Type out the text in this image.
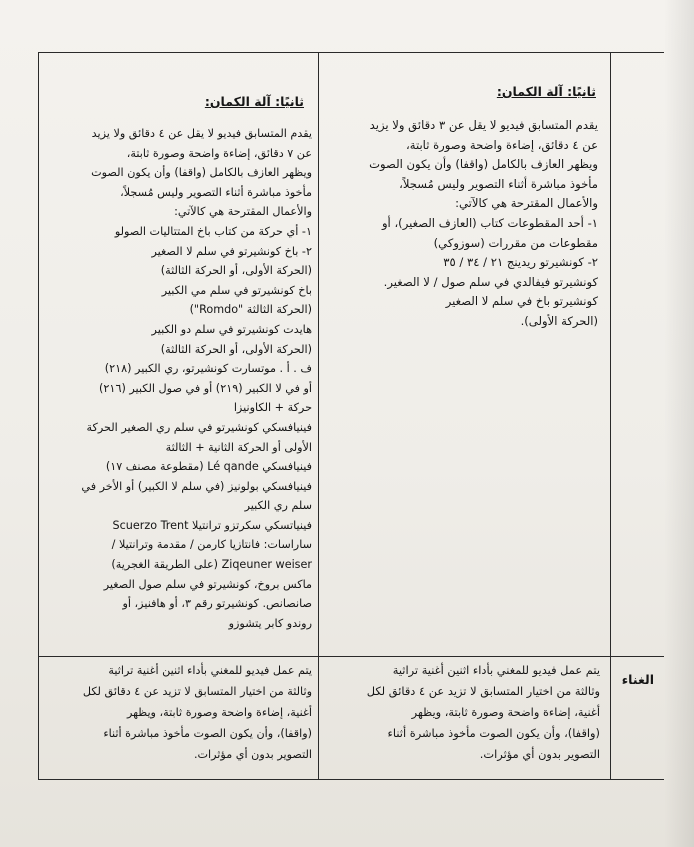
ثانيًا: آلة الكمان:
يقدم المتسابق فيديو لا يقل عن ٣ دقائق ولا يزيد
عن ٤ دقائق، إضاءة واضحة وصورة ثابتة،
ويظهر العازف بالكامل (واقفا) وأن يكون الصوت
مأخوذ مباشرة أثناء التصوير وليس مُسجلاً،
والأعمال المقترحة هي كالآتي:
١- أحد المقطوعات كتاب (العازف الصغير)، أو
مقطوعات من مقررات (سوزوكي)
٢- كونشيرتو ريدينج ٢١ / ٣٤ / ٣٥
كونشيرتو فيفالدي في سلم صول / لا الصغير.
كونشيرتو باخ في سلم لا الصغير
(الحركة الأولى).
ثانيًا: آلة الكمان:
يقدم المتسابق فيديو لا يقل عن ٤ دقائق ولا يزيد
عن ٧ دقائق، إضاءة واضحة وصورة ثابتة،
ويظهر العازف بالكامل (واقفا) وأن يكون الصوت
مأخوذ مباشرة أثناء التصوير وليس مُسجلاً،
والأعمال المقترحة هي كالآتي:
١- أي حركة من كتاب باخ المتتاليات الصولو
٢- باخ كونشيرتو في سلم لا الصغير
(الحركة الأولى، أو الحركة الثالثة)
باخ كونشيرتو في سلم مي الكبير
(الحركة الثالثة "Romdo")
هايدت كونشيرتو في سلم دو الكبير
(الحركة الأولى، أو الحركة الثالثة)
ف . أ . موتسارت كونشيرتو، ري الكبير (٢١٨)
أو في لا الكبير (٢١٩) أو في صول الكبير (٢١٦)
حركة + الكاونيزا
فينيافسكي كونشيرتو في سلم ري الصغير الحركة
الأولى أو الحركة الثانية + الثالثة
فينيافسكي Lé qande (مقطوعة مصنف ١٧)
فينيافسكي بولونيز (في سلم لا الكبير) أو الأخر في
سلم ري الكبير
فينياتسكي سكرتزو ترانتيلا Scuerzo Trent
ساراسات: فانتازيا كارمن / مقدمة وترانتيلا /
Ziqeuner weiser (على الطريقة الغجرية)
ماكس بروخ، كونشيرتو في سلم صول الصغير
صانصانص. كونشيرتو رقم ٣، أو هافنيز، أو
روندو كابر يتشوزو
الغناء
يتم عمل فيديو للمغني بأداء اثنين أغنية تراثية
وثالثة من اختيار المتسابق لا تزيد عن ٤ دقائق لكل
أغنية، إضاءة واضحة وصورة ثابتة، ويظهر
(واقفا)، وأن يكون الصوت مأخوذ مباشرة أثناء
التصوير بدون أي مؤثرات.
يتم عمل فيديو للمغني بأداء اثنين أغنية تراثية
وثالثة من اختيار المتسابق لا تزيد عن ٤ دقائق لكل
أغنية، إضاءة واضحة وصورة ثابتة، ويظهر
(واقفا)، وأن يكون الصوت مأخوذ مباشرة أثناء
التصوير بدون أي مؤثرات.
